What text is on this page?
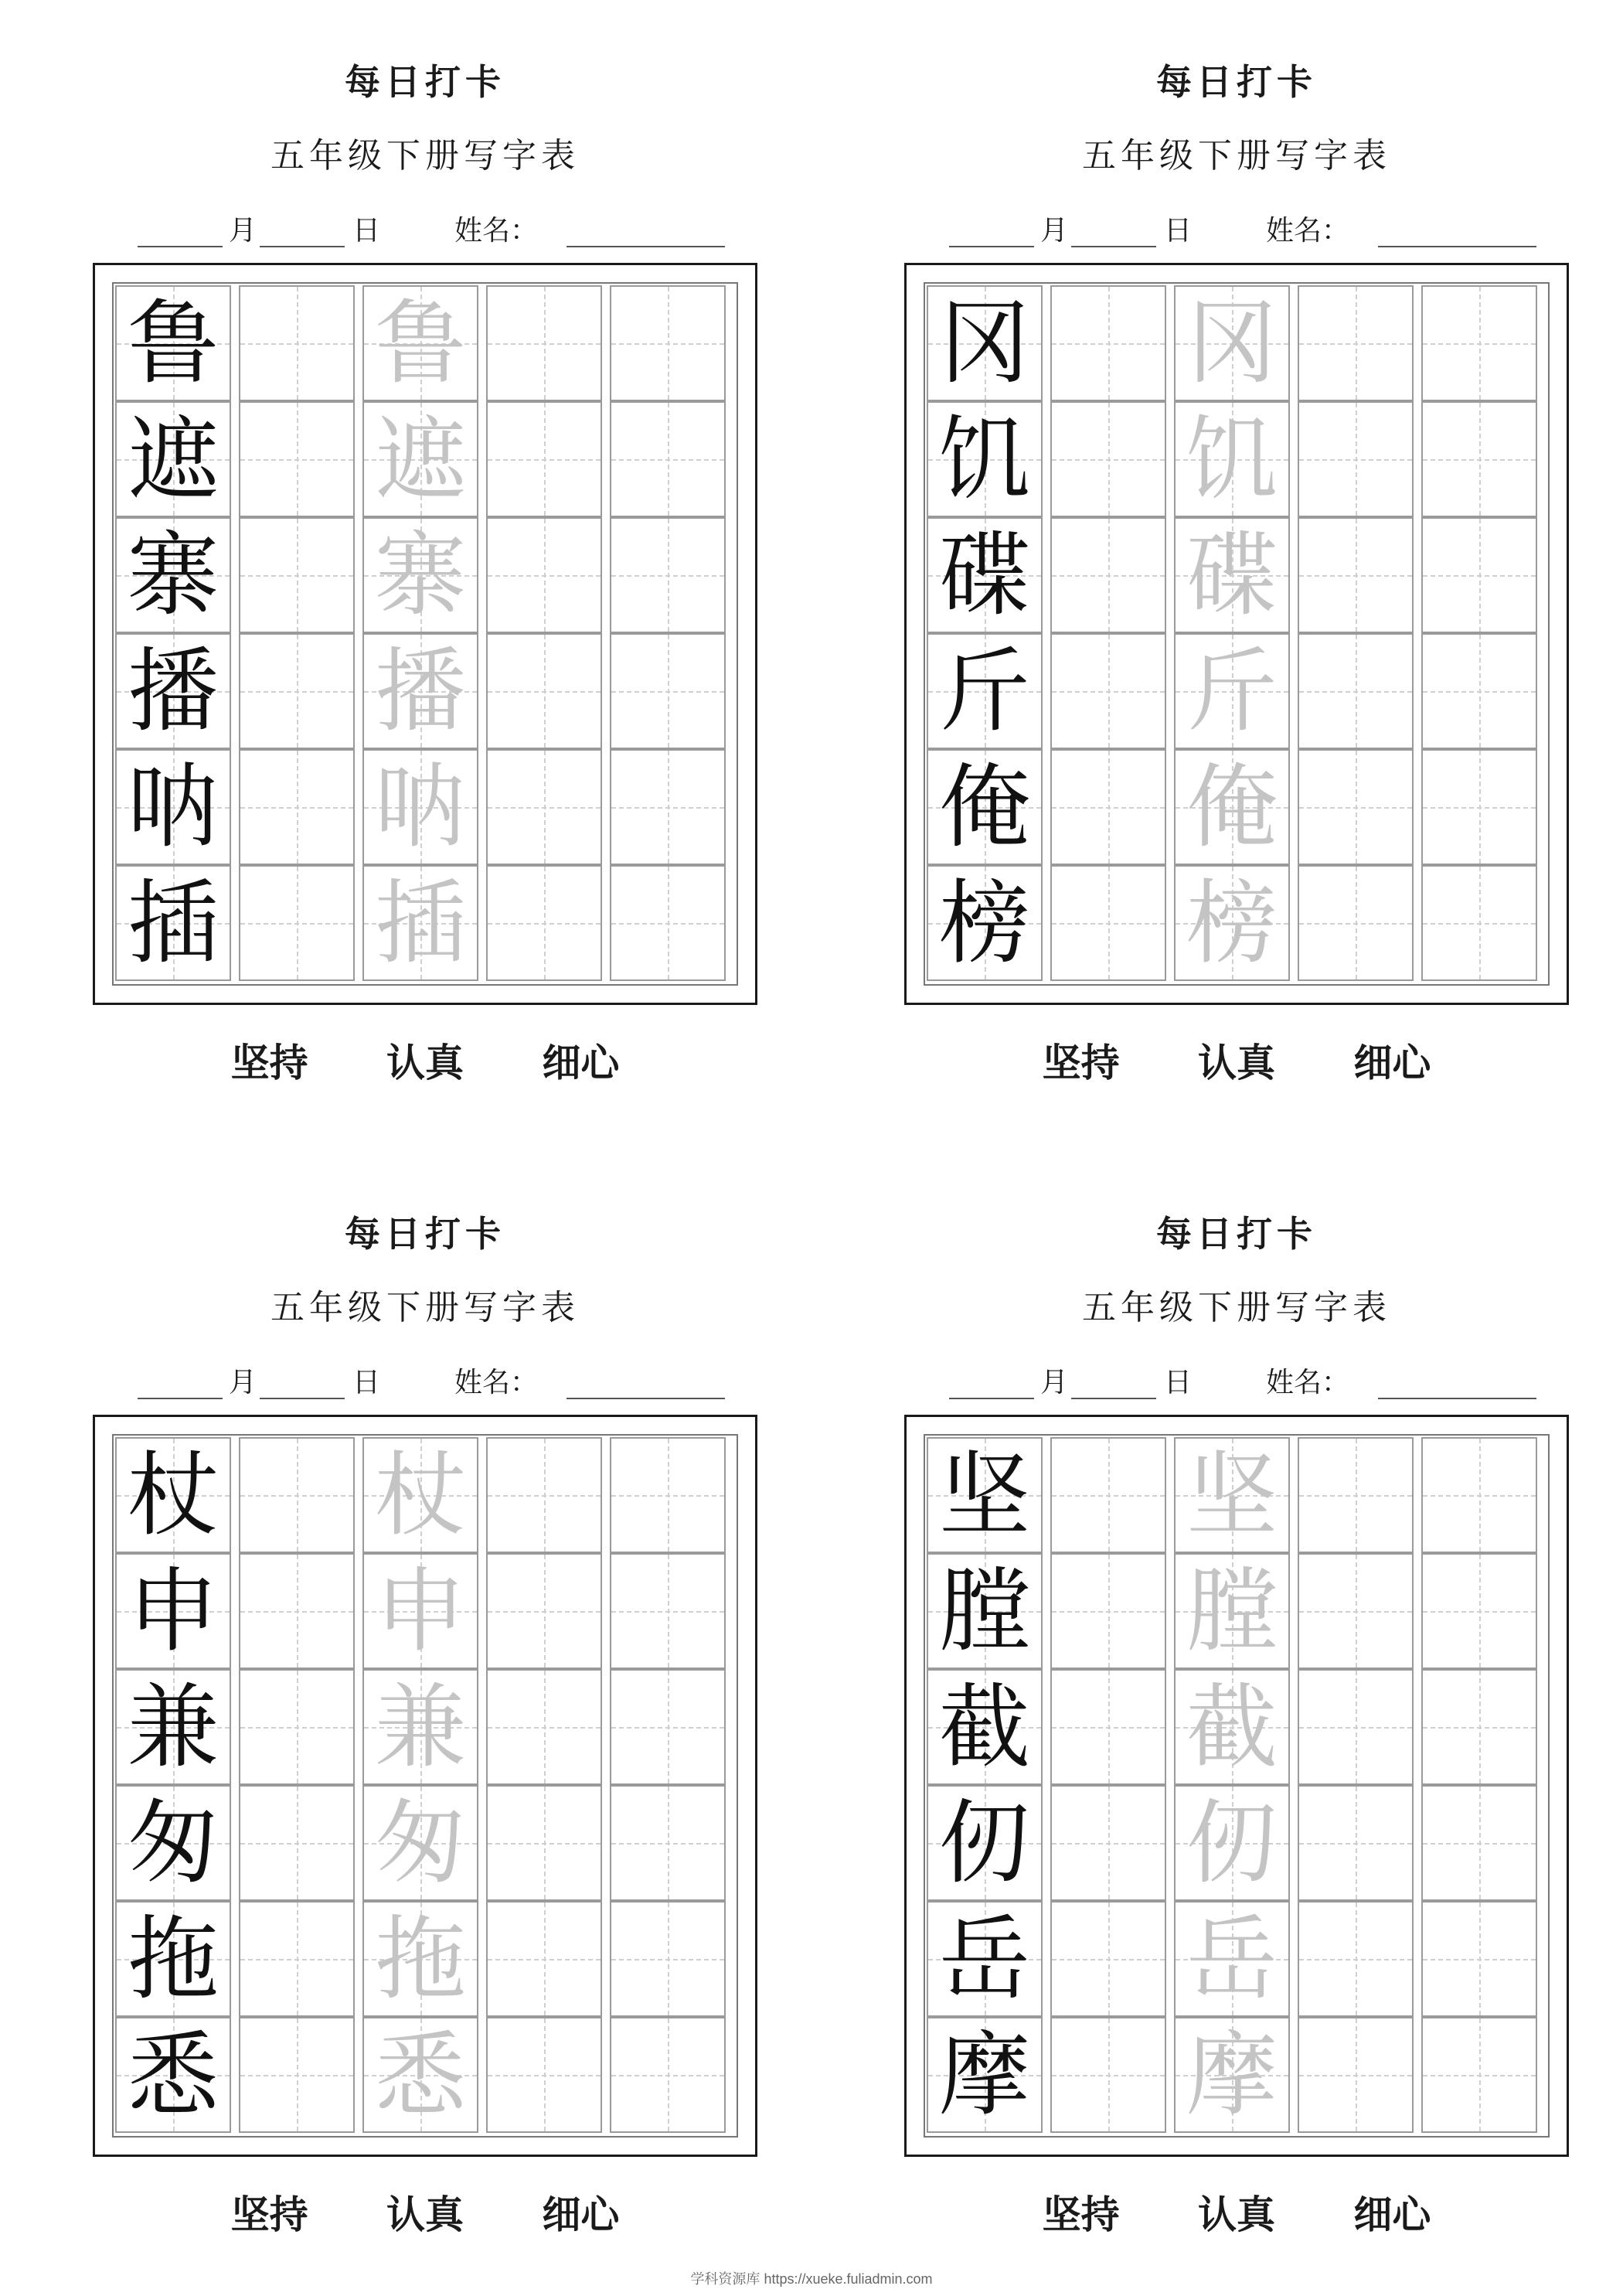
每日打卡
五年级下册写字表
月	日	姓名：
鲁 鲁
遮 遮
寨 寨
播 播
呐 呐
插 插
坚持 认真 细心
每日打卡
五年级下册写字表
月	日	姓名：
冈 冈
饥 饥
碟 碟
斤 斤
俺 俺
榜 榜
坚持 认真 细心
每日打卡
五年级下册写字表
月	日	姓名：
杖 杖
申 申
兼 兼
匆 匆
拖 拖
悉 悉
坚持 认真 细心
每日打卡
五年级下册写字表
月	日	姓名：
坚 坚
膛 膛
截 截
仞 仞
岳 岳
摩 摩
坚持 认真 细心
学科资源库 https://xueke.fuliadmin.com
